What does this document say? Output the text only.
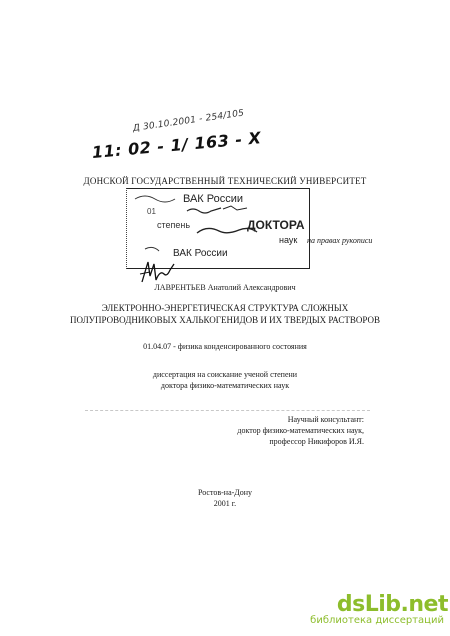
Д 30.10.2001 - 254/105
11: 02 - 1/ 163 - Х
ДОНСКОЙ ГОСУДАРСТВЕННЫЙ ТЕХНИЧЕСКИЙ УНИВЕРСИТЕТ
ВАК России
01
степень	ДОКТОРА
наук
ВАК России
на правах рукописи
ЛАВРЕНТЬЕВ Анатолий Александрович
ЭЛЕКТРОННО-ЭНЕРГЕТИЧЕСКАЯ СТРУКТУРА СЛОЖНЫХ
ПОЛУПРОВОДНИКОВЫХ ХАЛЬКОГЕНИДОВ И ИХ ТВЕРДЫХ РАСТВОРОВ
01.04.07 - физика конденсированного состояния
диссертация на соискание ученой степени
доктора физико-математических наук
Научный консультант:
доктор физико-математических наук,
профессор Никифоров И.Я.
Ростов-на-Дону
2001 г.
dsLib.net
библиотека диссертаций
